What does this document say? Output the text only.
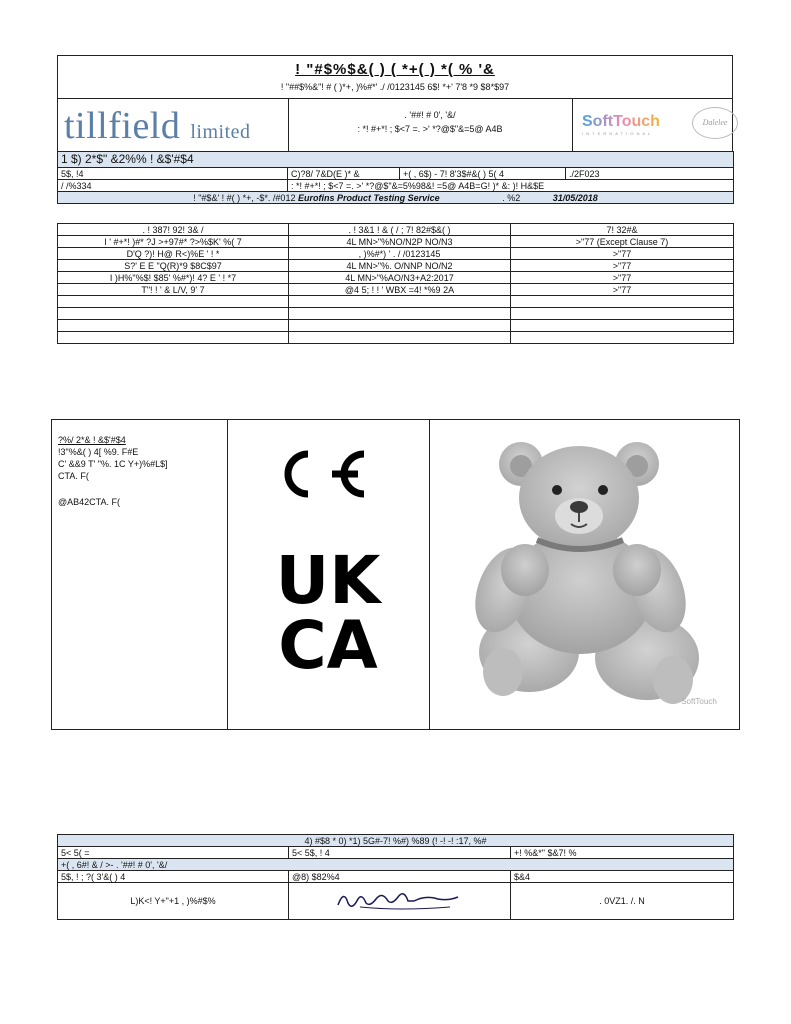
! "#$%$&( ) ( *+( ) *( % '&
! "##$%&"! # ( )*+, )%#*' ./ /0123145 6$! *+' 7'8 *9 $8*$97
tillfield limited
. '##! # 0', '&/
: *! #+*! ; $<7 =. >' *?@$"&=5@ A4B	SoftTouch
I N T E R N A T I O N A L
Dalelee
1 $) 2*$" &2%% ! &$'#$4			
5$, !4	C)?8/ 7&D(E )* &	+( , 6$) - 7! 8'3$#&( ) 5( 4	./2F023
/ /%334	: *! #+*! ; $<7 =. >' *?@$"&=5%98&! =5@ A4B=G! )* &: )! H&$E		
! "#$&' ! #( ) *+, -$*. /#012 Eurofins Product Testing Service . %2 31/05/2018			
. ! 387! 92! 3& /	. ! 3&1 ! & ( / ; 7! 82#$&( )	7! 32#&
I ' #+*! )#* ?J >+97#* ?>%$K' %( 7	4L MN>"%NO/N2P NO/N3	>"77 (Except Clause 7)
D'Q ?)! H@ R<)%E ' ! *	, )%#*) ' . / /0123145	>"77
S?' E E "Q(R)*9 $8C$97	4L MN>"%. O/NNP NO/N2	>"77
I )H%"%$! $85' %#*)! 4? E ' ! *7	4L MN>"%AO/N3+A2:2017	>"77
T"! ! ' & L/V, 9' 7	@4 5; ! ! ' WBX =4! *%9 2A	>"77

?%/ 2*& ! &$'#$4
!3"%&( ) 4[ %9. F#E
C' &&9 T' "%. 1C Y+)%#L$]
CTA. F(
@AB42CTA. F(
UK
CA
SoftTouch
4) #$8 * 0) *1) 5G#-7! %#) %89 (! -! -! :17, %#		
5< 5( =	5< 5$, ! 4	+! %&*" $&7! %
+( , 6#! & / >- . '##! # 0', '&/		
5$, ! ; ?( 3'&( ) 4	@8) $82%4	$&4
L)K<! Y+"+1 , )%#$%		. 0VZ1. /. N
